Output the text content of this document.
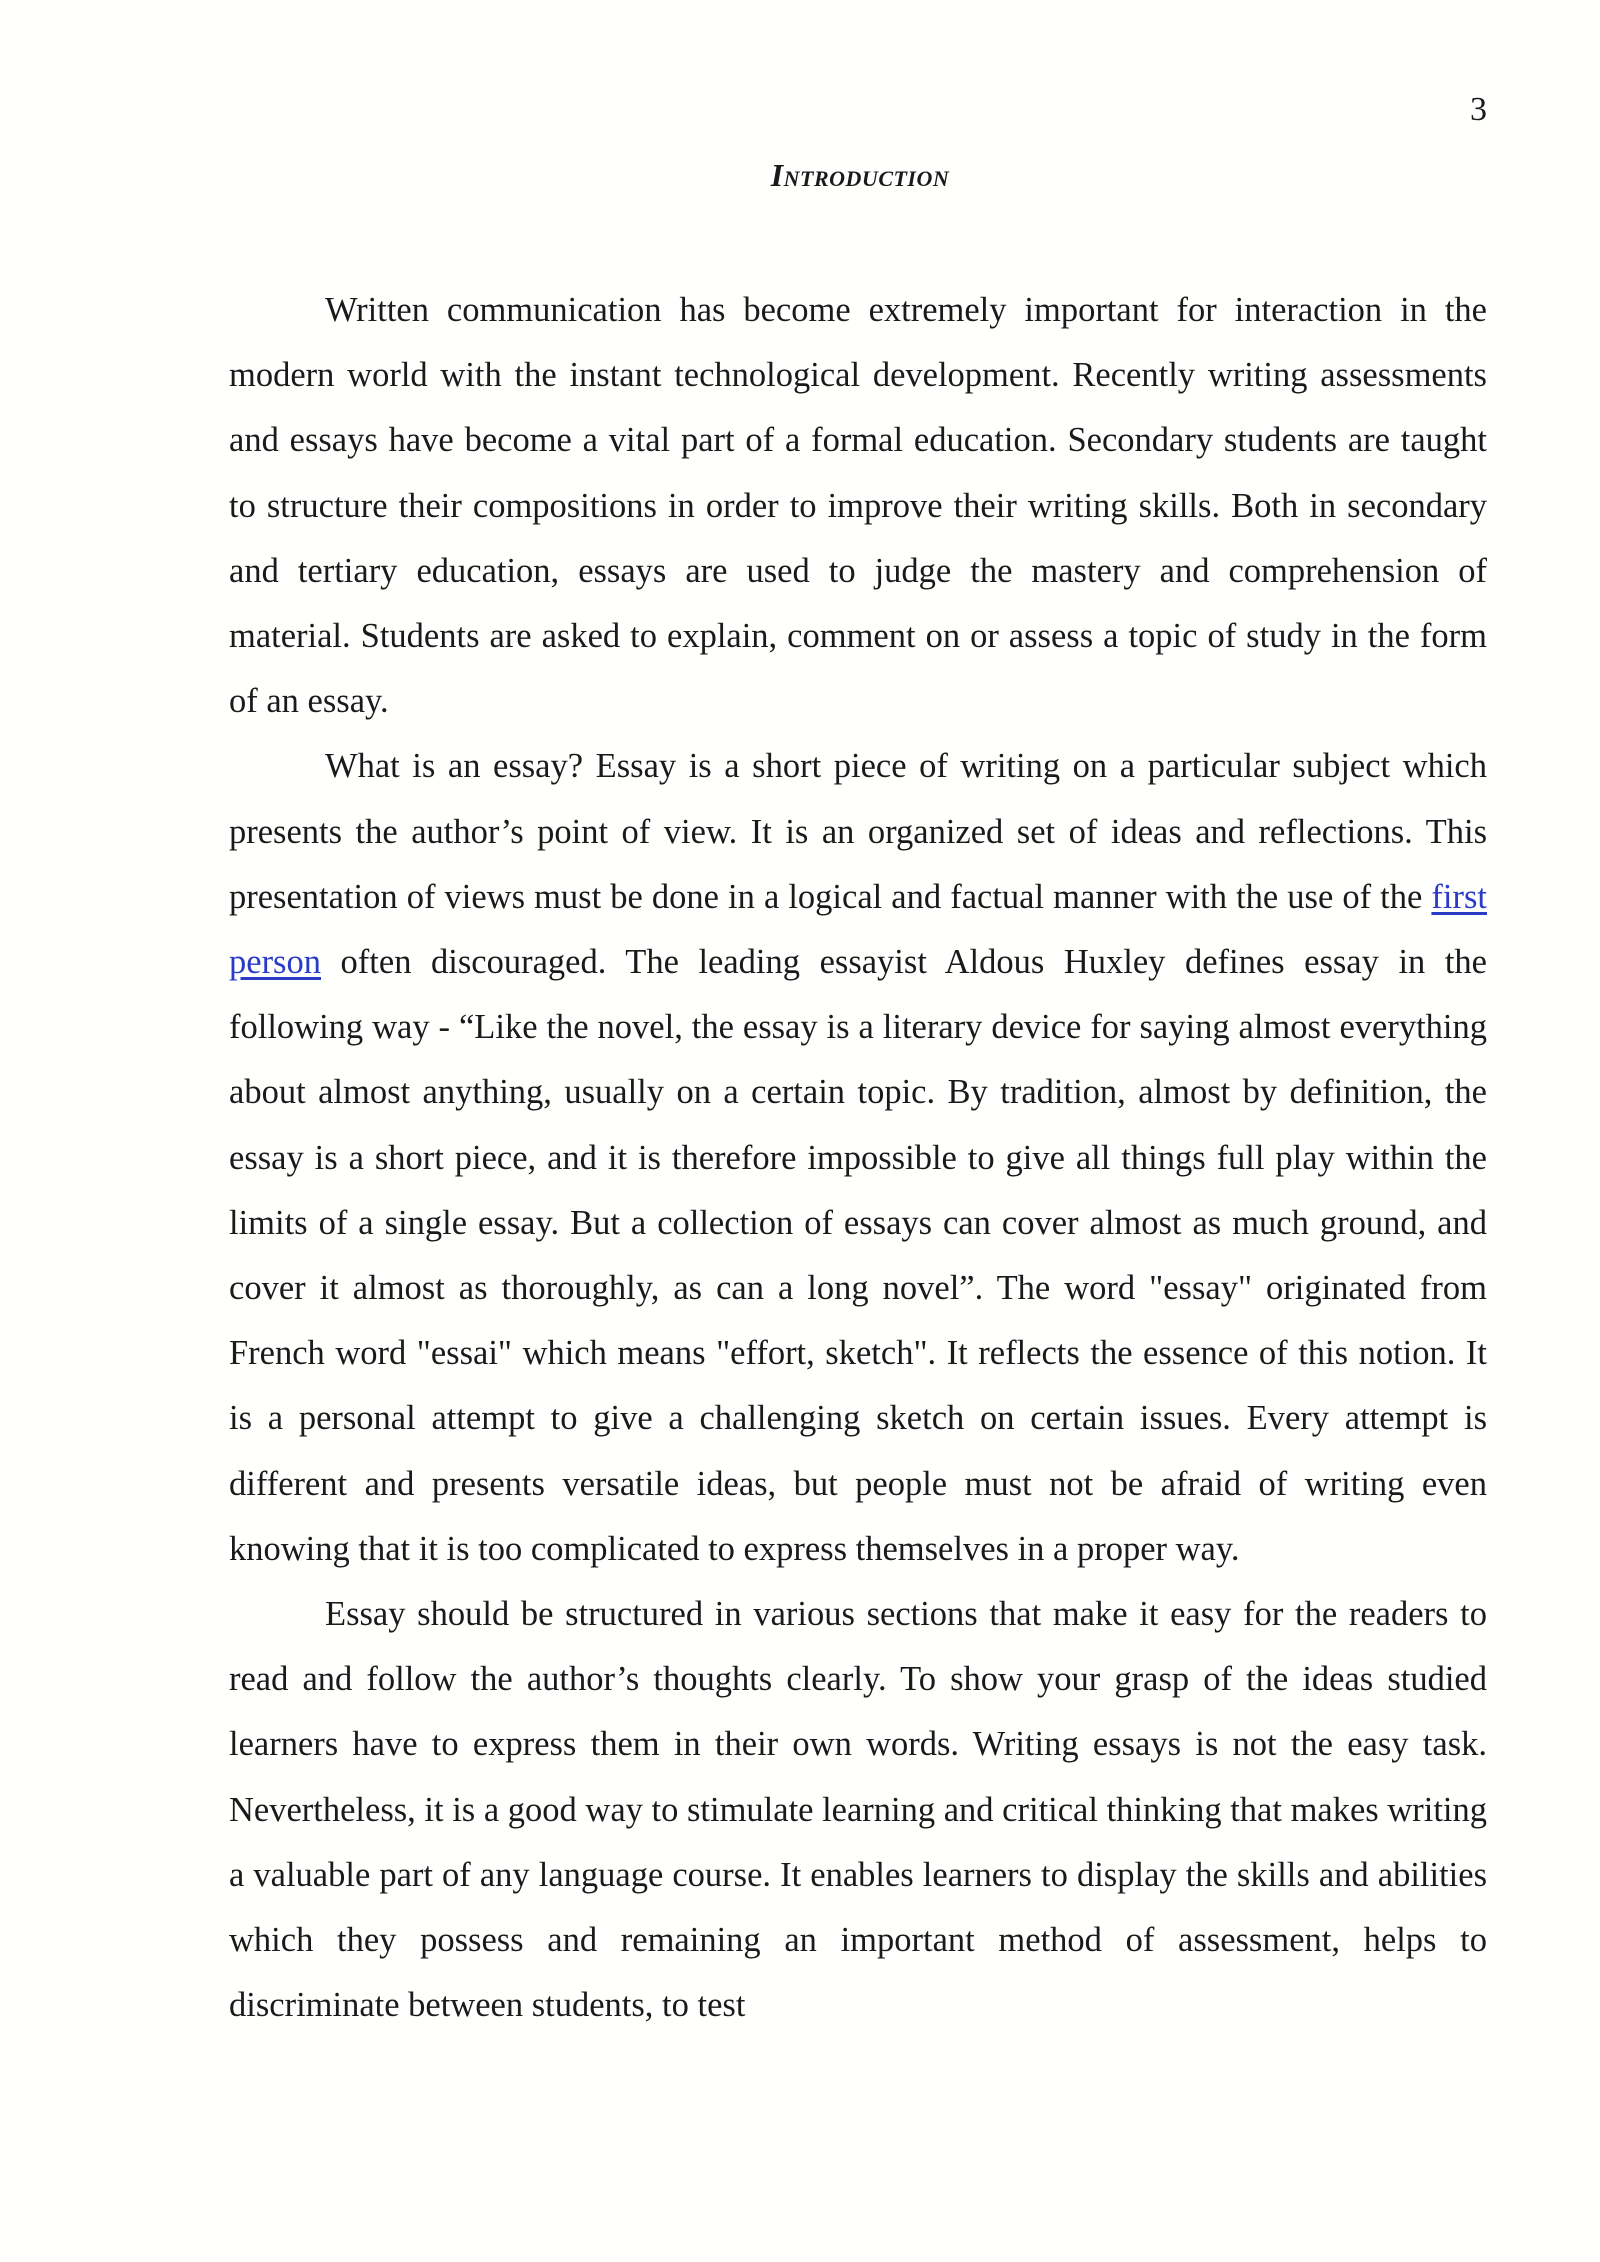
3

Introduction

Written communication has become extremely important for interaction in the modern world with the instant technological development. Recently writing assessments and essays have become a vital part of a formal education. Secondary students are taught to structure their compositions in order to improve their writing skills. Both in secondary and tertiary education, essays are used to judge the mastery and comprehension of material. Students are asked to explain, comment on or assess a topic of study in the form of an essay.

What is an essay? Essay is a short piece of writing on a particular subject which presents the author’s point of view. It is an organized set of ideas and reflections. This presentation of views must be done in a logical and factual manner with the use of the first person often discouraged. The leading essayist Aldous Huxley defines essay in the following way - “Like the novel, the essay is a literary device for saying almost everything about almost anything, usually on a certain topic. By tradition, almost by definition, the essay is a short piece, and it is therefore impossible to give all things full play within the limits of a single essay. But a collection of essays can cover almost as much ground, and cover it almost as thoroughly, as can a long novel”. The word "essay" originated from French word "essai" which means "effort, sketch". It reflects the essence of this notion. It is a personal attempt to give a challenging sketch on certain issues. Every attempt is different and presents versatile ideas, but people must not be afraid of writing even knowing that it is too complicated to express themselves in a proper way.

Essay should be structured in various sections that make it easy for the readers to read and follow the author’s thoughts clearly. To show your grasp of the ideas studied learners have to express them in their own words. Writing essays is not the easy task. Nevertheless, it is a good way to stimulate learning and critical thinking that makes writing a valuable part of any language course. It enables learners to display the skills and abilities which they possess and remaining an important method of assessment, helps to discriminate between students, to test
